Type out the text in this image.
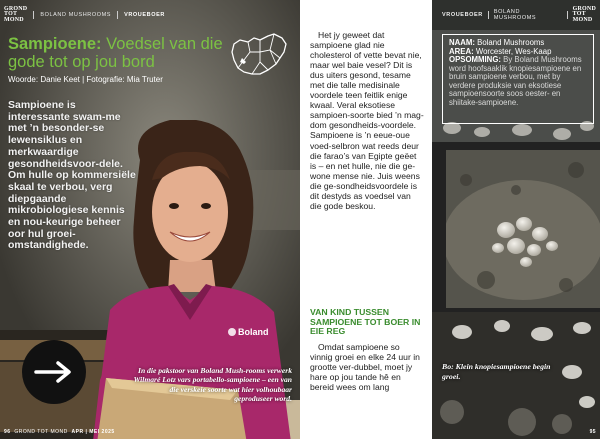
GROND
TOT
MOND
BOLAND MUSHROOMS VROUEBOER
Sampioene: Voedsel van die gode tot op jou bord
Woorde: Danie Keet | Fotografie: Mia Truter
Sampioene is interessante swam-me met ’n besonder-se lewensiklus en merkwaardige gesondheidsvoor-dele. Om hulle op kommersiële skaal te verbou, verg diepgaande mikrobiologiese kennis en nou-keurige beheer oor hul groei-omstandighede.
Boland
In die pakstoor van Boland Mush-rooms verwerk Wilmaré Lotz vars portabello-sampioene – een van die verskeie soorte wat hier volhoubaar geproduseer word.
96 GROND TOT MOND APR | MEI 2025

Het jy geweet dat sampioene glad nie cholesterol of vette bevat nie, maar wel baie vesel? Dit is dus uiters gesond, tesame met die talle medisinale voordele teen feitlik enige kwaal. Veral eksotiese sampioen-soorte bied ’n mag-dom gesondheids-voordele. Sampioene is ’n eeue-oue voed-selbron wat reeds deur die farao’s van Egipte geëet is – en net hulle, nie die ge-wone mense nie. Juis weens die ge-sondheidsvoordele is dit destyds as voedsel van die gode beskou.

VAN KIND TUSSEN SAMPIOENE TOT BOER IN EIE REG

Omdat sampioene so vinnig groei en elke 24 uur in grootte ver-dubbel, moet jy hare op jou tande hê en bereid wees om lang

VROUEBOER BOLAND MUSHROOMS
GROND
TOT
MOND
NAAM: Boland Mushrooms
AREA: Worcester, Wes-Kaap
OPSOMMING: By Boland Mushrooms word hoofsaaklik knopiesampioene en bruin sampioene verbou, met by verdere produksie van eksotiese sampioensoorte soos oester- en shiitake-sampioene.
Bo: Klein knopiesampioene begin groei.
95
